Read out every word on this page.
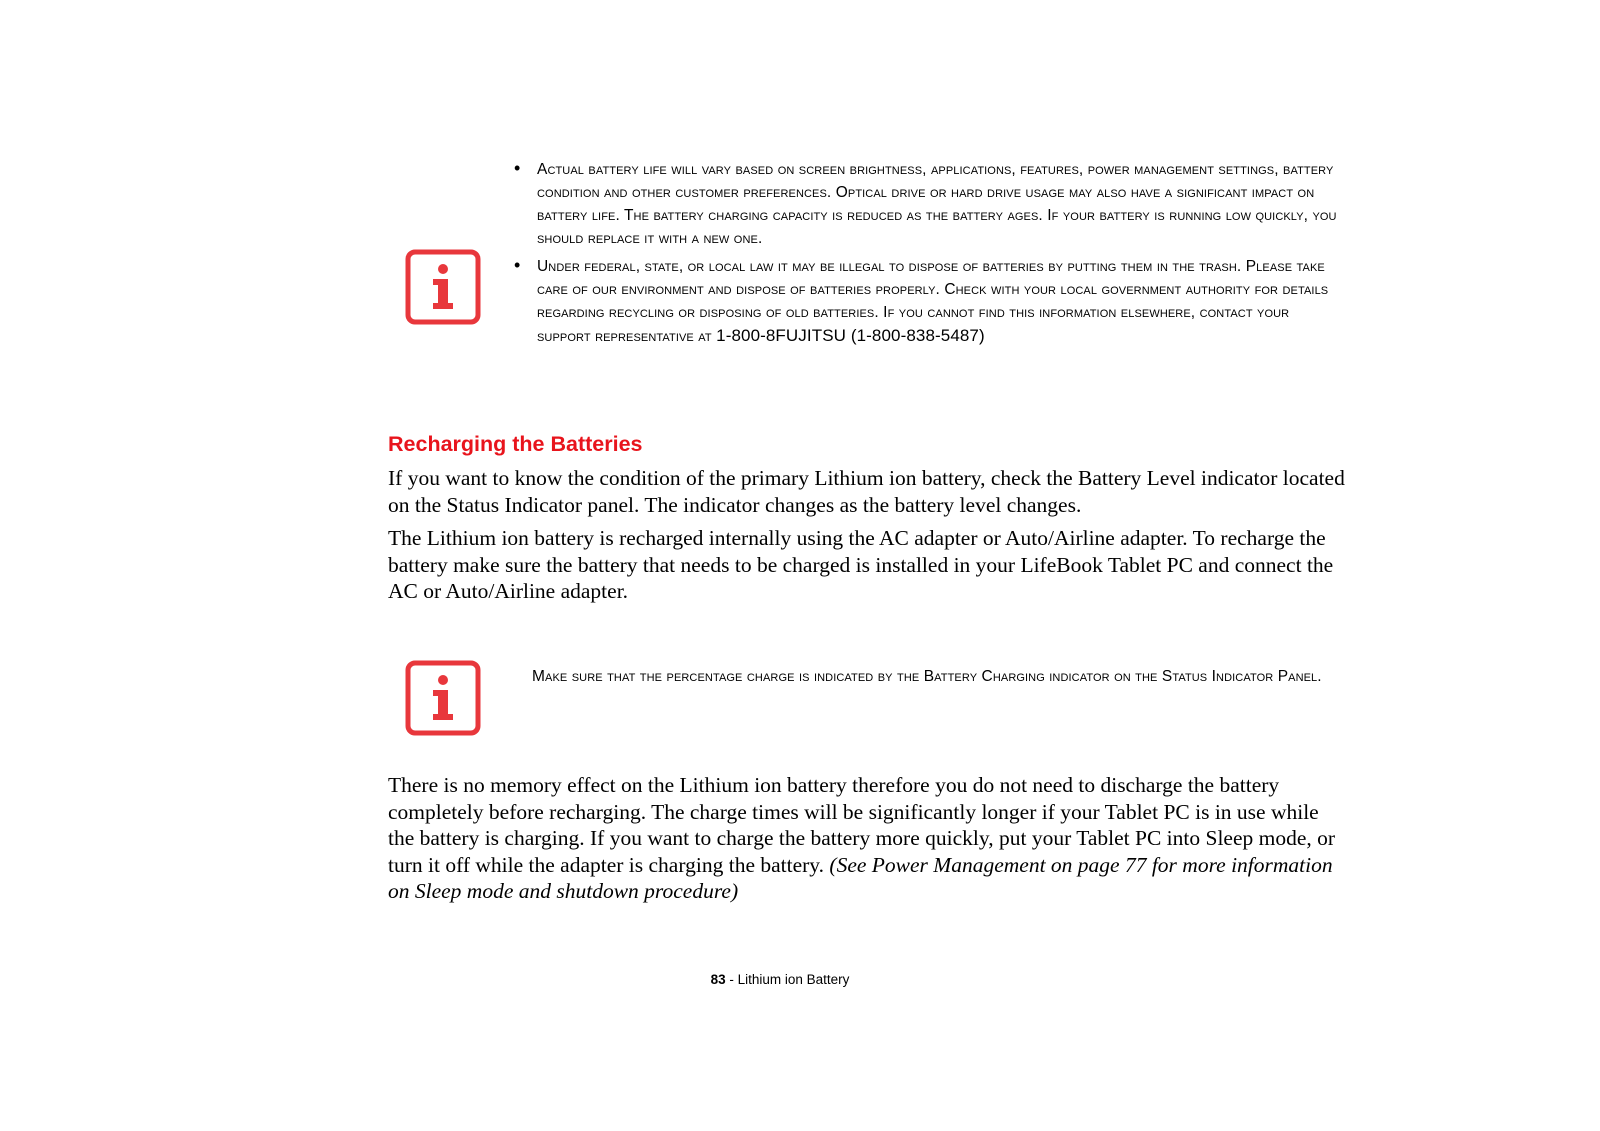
• Actual battery life will vary based on screen brightness, applications, features, power management settings, battery condition and other customer preferences. Optical drive or hard drive usage may also have a significant impact on battery life. The battery charging capacity is reduced as the battery ages. If your battery is running low quickly, you should replace it with a new one.
• Under federal, state, or local law it may be illegal to dispose of batteries by putting them in the trash. Please take care of our environment and dispose of batteries properly. Check with your local government authority for details regarding recycling or disposing of old batteries. If you cannot find this information elsewhere, contact your support representative at 1-800-8FUJITSU (1-800-838-5487)
Recharging the Batteries

If you want to know the condition of the primary Lithium ion battery, check the Battery Level indicator located on the Status Indicator panel. The indicator changes as the battery level changes.

The Lithium ion battery is recharged internally using the AC adapter or Auto/Airline adapter. To recharge the battery make sure the battery that needs to be charged is installed in your LifeBook Tablet PC and connect the AC or Auto/Airline adapter.

Make sure that the percentage charge is indicated by the Battery Charging indicator on the Status Indicator Panel.

There is no memory effect on the Lithium ion battery therefore you do not need to discharge the battery completely before recharging. The charge times will be significantly longer if your Tablet PC is in use while the battery is charging. If you want to charge the battery more quickly, put your Tablet PC into Sleep mode, or turn it off while the adapter is charging the battery. (See Power Management on page 77 for more information on Sleep mode and shutdown procedure)

83 - Lithium ion Battery
